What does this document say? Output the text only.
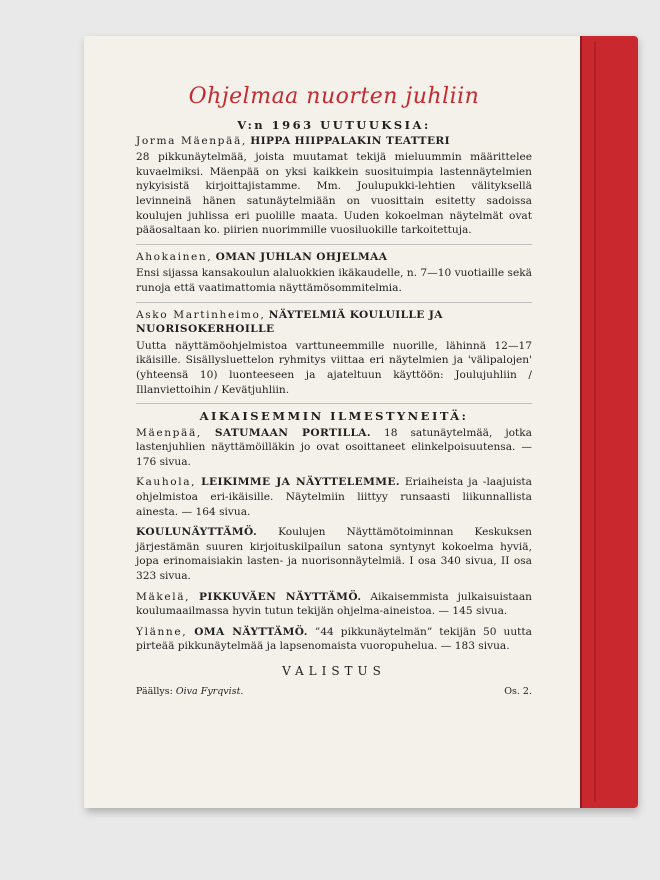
Ohjelmaa nuorten juhliin
V:n 1963 UUTUUKSIA:
Jorma Mäenpää, HIPPA HIIPPALAKIN TEATTERI
28 pikkunäytelmää, joista muutamat tekijä mieluummin määrittelee kuvaelmiksi. Mäenpää on yksi kaikkein suosituimpia lastennäytelmien nykyisistä kirjoittajistamme. Mm. Joulupukki-lehtien välityksellä levinneinä hänen satunäytelmiään on vuosittain esitetty sadoissa koulujen juhlissa eri puolille maata. Uuden kokoelman näytelmät ovat pääosaltaan ko. piirien nuorimmille vuosiluokille tarkoitettuja.
Ahokainen, OMAN JUHLAN OHJELMAA
Ensi sijassa kansakoulun alaluokkien ikäkaudelle, n. 7—10 vuotiaille sekä runoja että vaatimattomia näyttämösommitelmia.
Asko Martinheimo, NÄYTELMIÄ KOULUILLE JA NUORISOKERHOILLE
Uutta näyttämöohjelmistoa varttuneemmille nuorille, lähinnä 12—17 ikäisille. Sisällysluettelon ryhmitys viittaa eri näytelmien ja 'välipalojen' (yhteensä 10) luonteeseen ja ajateltuun käyttöön: Joulujuhliin / Illanviettoihin / Kevätjuhliin.
AIKAISEMMIN ILMESTYNEITÄ:
Mäenpää, SATUMAAN PORTILLA. 18 satunäytelmää, jotka lastenjuhlien näyttämöilläkin jo ovat osoittaneet elinkelpoisuutensa. — 176 sivua.
Kauhola, LEIKIMME JA NÄYTTELEMME. Eriaiheista ja -laajuista ohjelmistoa eri-ikäisille. Näytelmiin liittyy runsaasti liikunnallista ainesta. — 164 sivua.
KOULUNÄYTTÄMÖ. Koulujen Näyttämötoiminnan Keskuksen järjestämän suuren kirjoituskilpailun satona syntynyt kokoelma hyviä, jopa erinomaisiakin lasten- ja nuorisonnäytelmiä. I osa 340 sivua, II osa 323 sivua.
Mäkelä, PIKKUVÄEN NÄYTTÄMÖ. Aikaisemmista julkaisuistaan koulumaailmassa hyvin tutun tekijän ohjelma-aineistoa. — 145 sivua.
Ylänne, OMA NÄYTTÄMÖ. ”44 pikkunäytelmän” tekijän 50 uutta pirteää pikkunäytelmää ja lapsenomaista vuoropuhelua. — 183 sivua.
VALISTUS
Päällys: Oiva Fyrqvist.	Os. 2.
